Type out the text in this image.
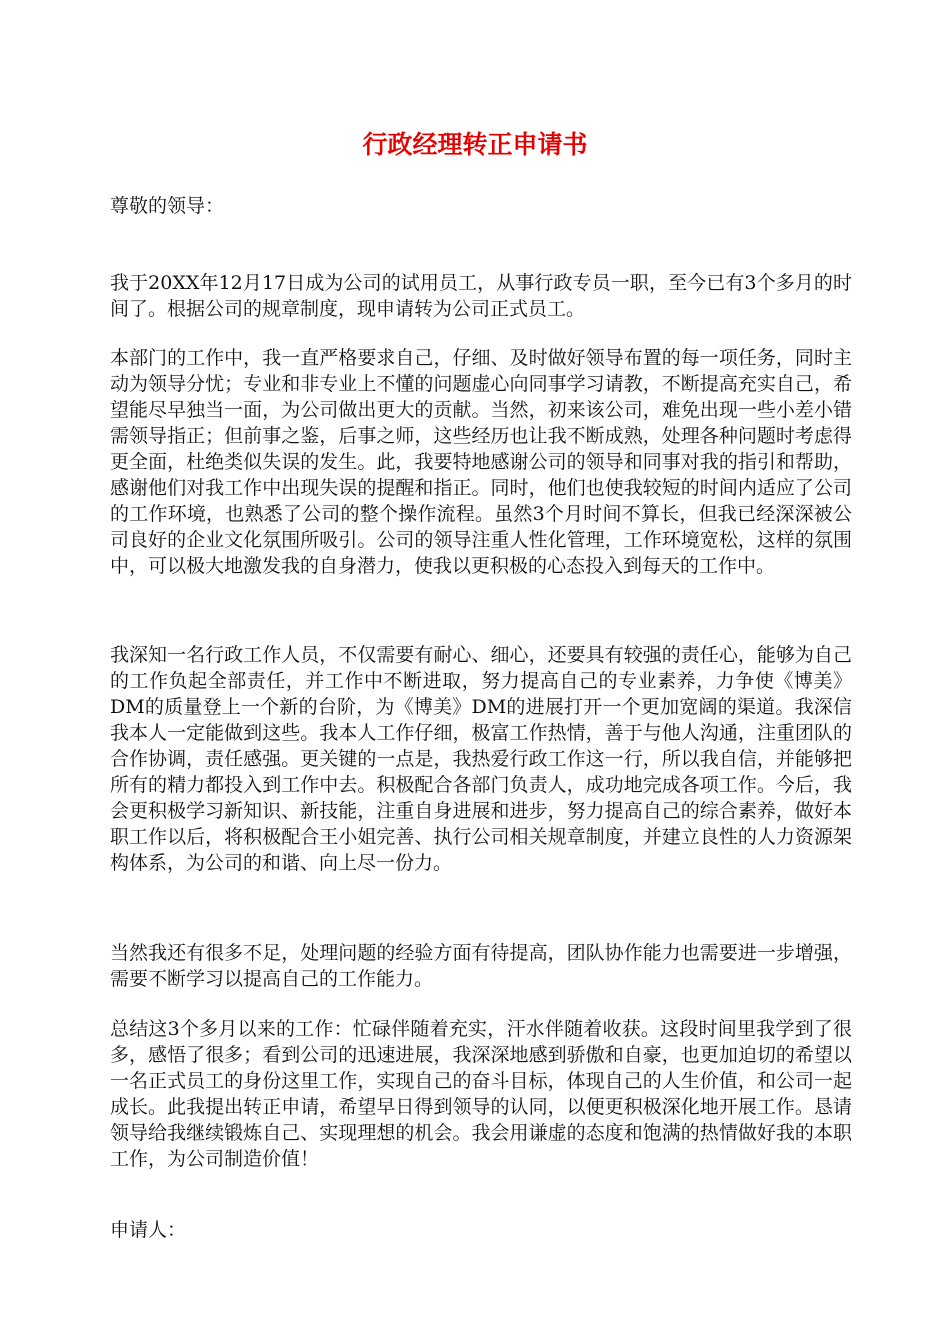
行政经理转正申请书

尊敬的领导：

我于20XX年12月17日成为公司的试用员工，从事行政专员一职，至今已有3个多月的时间了。根据公司的规章制度，现申请转为公司正式员工。

本部门的工作中，我一直严格要求自己，仔细、及时做好领导布置的每一项任务，同时主动为领导分忧；专业和非专业上不懂的问题虚心向同事学习请教，不断提高充实自己，希望能尽早独当一面，为公司做出更大的贡献。当然，初来该公司，难免出现一些小差小错需领导指正；但前事之鉴，后事之师，这些经历也让我不断成熟，处理各种问题时考虑得更全面，杜绝类似失误的发生。此，我要特地感谢公司的领导和同事对我的指引和帮助，感谢他们对我工作中出现失误的提醒和指正。同时，他们也使我较短的时间内适应了公司的工作环境，也熟悉了公司的整个操作流程。虽然3个月时间不算长，但我已经深深被公司良好的企业文化氛围所吸引。公司的领导注重人性化管理，工作环境宽松，这样的氛围中，可以极大地激发我的自身潜力，使我以更积极的心态投入到每天的工作中。

我深知一名行政工作人员，不仅需要有耐心、细心，还要具有较强的责任心，能够为自己的工作负起全部责任，并工作中不断进取，努力提高自己的专业素养，力争使《博美》DM的质量登上一个新的台阶，为《博美》DM的进展打开一个更加宽阔的渠道。我深信我本人一定能做到这些。我本人工作仔细，极富工作热情，善于与他人沟通，注重团队的合作协调，责任感强。更关键的一点是，我热爱行政工作这一行，所以我自信，并能够把所有的精力都投入到工作中去。积极配合各部门负责人，成功地完成各项工作。今后，我会更积极学习新知识、新技能，注重自身进展和进步，努力提高自己的综合素养，做好本职工作以后，将积极配合王小姐完善、执行公司相关规章制度，并建立良性的人力资源架构体系，为公司的和谐、向上尽一份力。

当然我还有很多不足，处理问题的经验方面有待提高，团队协作能力也需要进一步增强，需要不断学习以提高自己的工作能力。

总结这3个多月以来的工作：忙碌伴随着充实，汗水伴随着收获。这段时间里我学到了很多，感悟了很多；看到公司的迅速进展，我深深地感到骄傲和自豪，也更加迫切的希望以一名正式员工的身份这里工作，实现自己的奋斗目标，体现自己的人生价值，和公司一起成长。此我提出转正申请，希望早日得到领导的认同，以便更积极深化地开展工作。恳请领导给我继续锻炼自己、实现理想的机会。我会用谦虚的态度和饱满的热情做好我的本职工作，为公司制造价值！

申请人：
